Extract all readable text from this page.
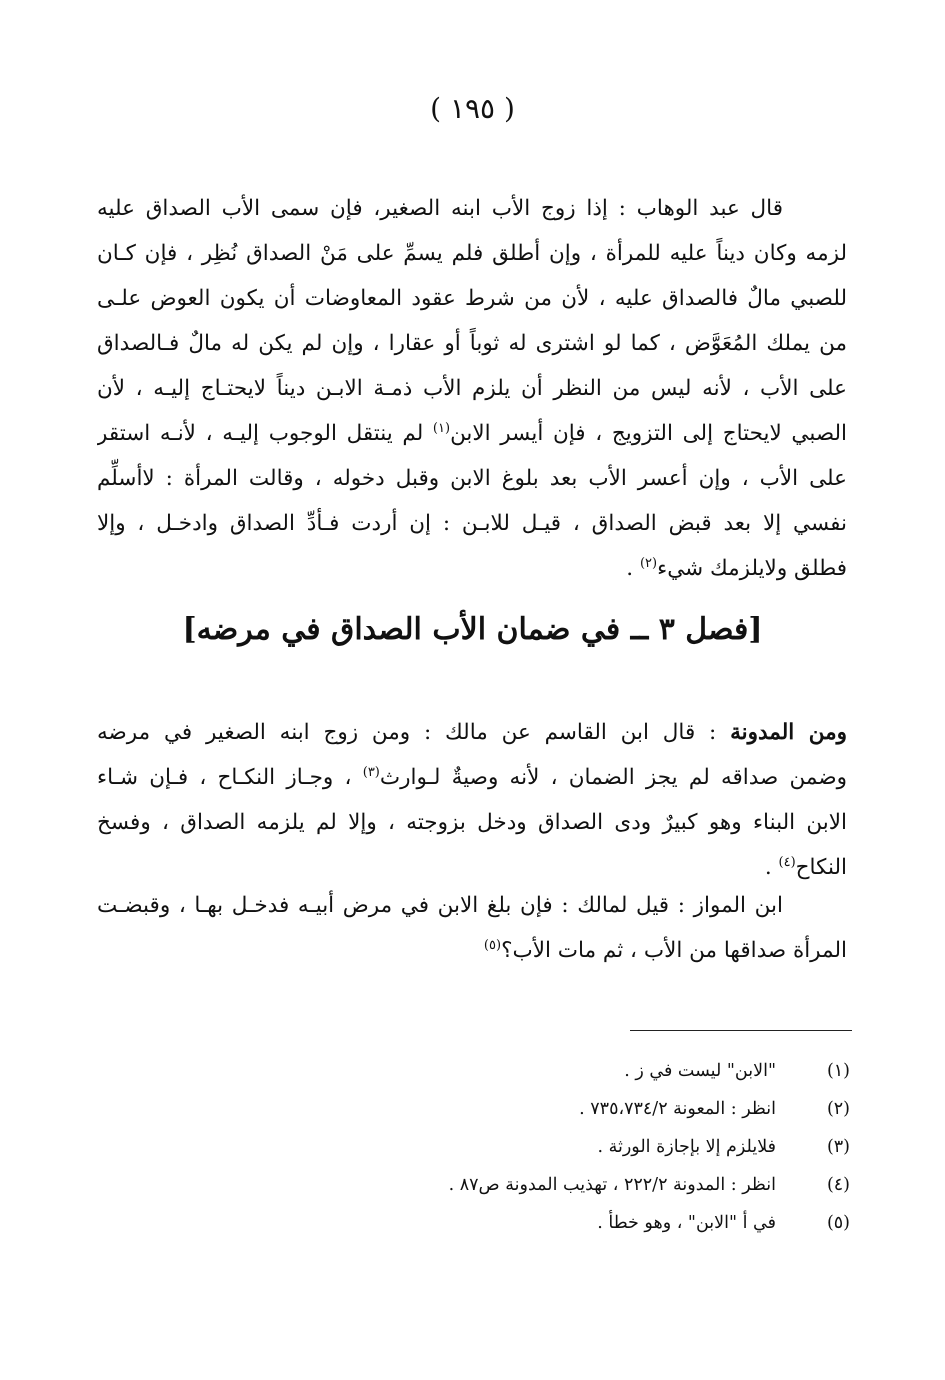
( ١٩٥ )
قال عبد الوهاب : إذا زوج الأب ابنه الصغير، فإن سمى الأب الصداق عليه
لزمه وكان ديناً عليه للمرأة ، وإن أطلق فلم يسمِّ على مَنْ الصداق نُظِر ، فإن كـان
للصبي مالٌ فالصداق عليه ، لأن من شرط عقود المعاوضات أن يكون العوض علـى
من يملك المُعَوَّض ، كما لو اشترى له ثوباً أو عقارا ، وإن لم يكن له مالٌ فـالصداق
على الأب ، لأنه ليس من النظر أن يلزم الأب ذمـة الابـن ديناً لايحتـاج إليـه ، لأن
الصبي لايحتاج إلى التزويج ، فإن أيسر الابن$^{(١)}$ لم ينتقل الوجوب إليـه ، لأنـه استقر
على الأب ، وإن أعسر الأب بعد بلوغ الابن وقبل دخوله ، وقالت المرأة : لاأسلِّم
نفسي إلا بعد قبض الصداق ، قيـل للابـن : إن أردت فـأدِّ الصداق وادخـل ، وإلا
فطلق ولايلزمك شيء$^{(٢)}$ .
[فصل ٣ ــ في ضمان الأب الصداق في مرضه]
ومن المدونة : قال ابن القاسم عن مالك : ومن زوج ابنه الصغير في مرضه
وضمن صداقه لم يجز الضمان ، لأنه وصيةٌ لـوارث$^{(٣)}$ ، وجـاز النكـاح ، فـإن شـاء
الابن البناء وهو كبيرٌ ودى الصداق ودخل بزوجته ، وإلا لم يلزمه الصداق ، وفسخ
النكاح$^{(٤)}$ .
ابن المواز : قيل لمالك : فإن بلغ الابن في مرض أبيـه فدخـل بهـا ، وقبضـت
المرأة صداقها من الأب ، ثم مات الأب؟$^{(٥)}$
(١)
"الابن" ليست في ز .
(٢)
انظر : المعونة ٧٣٥،٧٣٤/٢ .
(٣)
فلايلزم إلا بإجازة الورثة .
(٤)
انظر : المدونة ٢٢٢/٢ ، تهذيب المدونة ص٨٧ .
(٥)
في أ "الابن" ، وهو خطأ .
